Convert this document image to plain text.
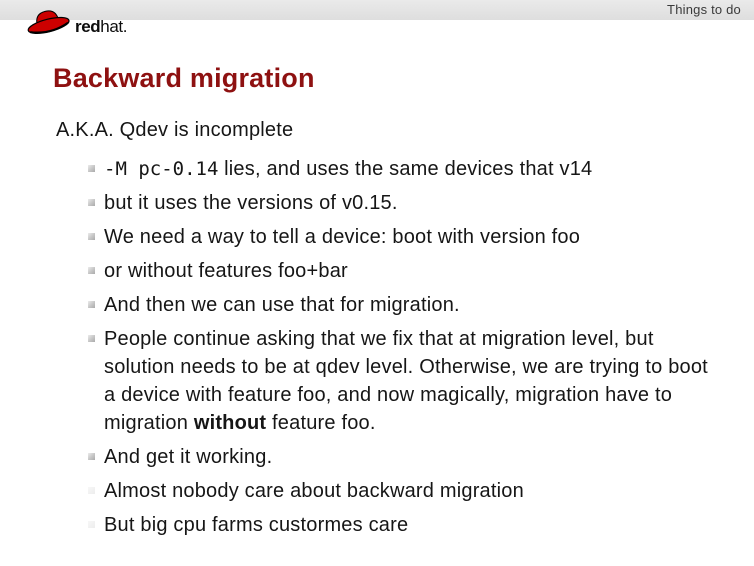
Things to do
redhat.
Backward migration
A.K.A. Qdev is incomplete
-M pc-0.14 lies, and uses the same devices that v14
but it uses the versions of v0.15.
We need a way to tell a device: boot with version foo
or without features foo+bar
And then we can use that for migration.
People continue asking that we fix that at migration level, but solution needs to be at qdev level. Otherwise, we are trying to boot a device with feature foo, and now magically, migration have to migration without feature foo.
And get it working.
Almost nobody care about backward migration
But big cpu farms custormes care
